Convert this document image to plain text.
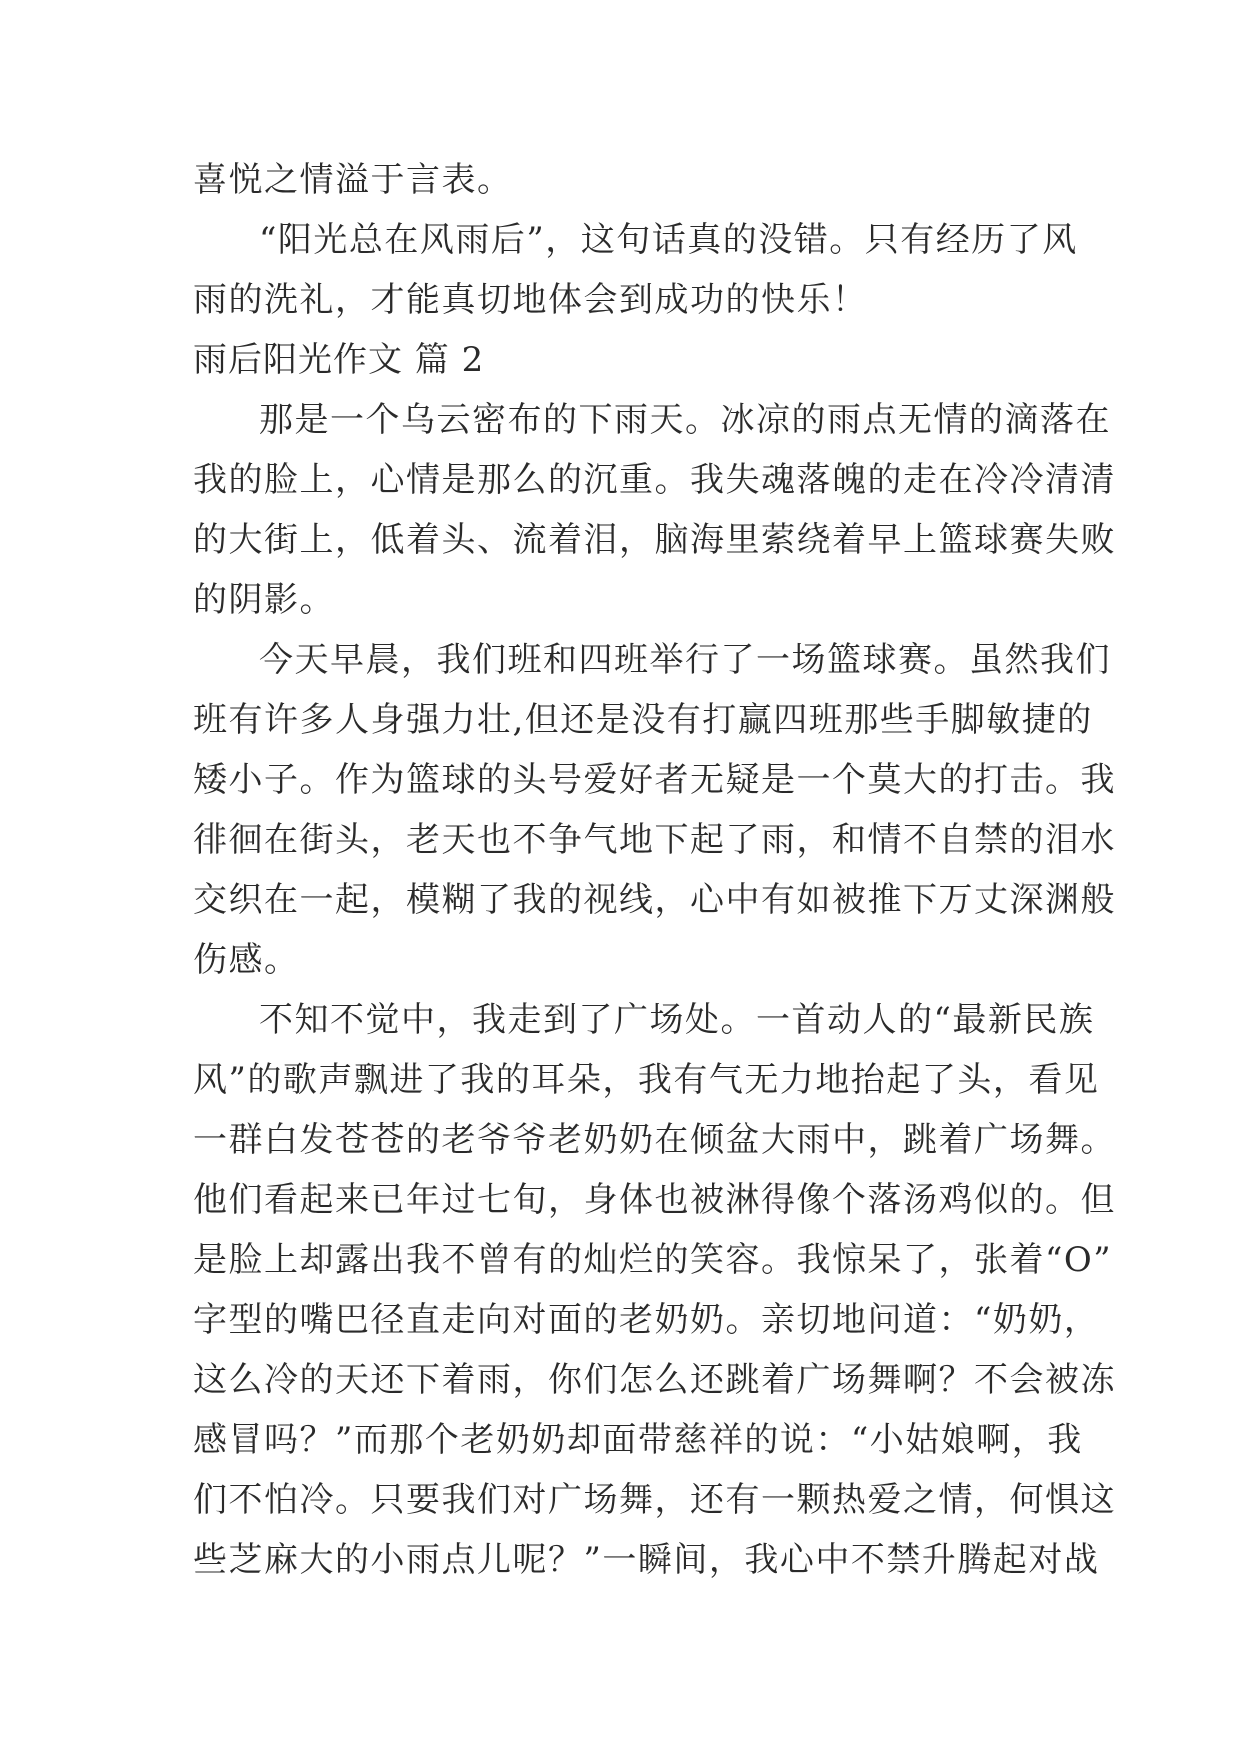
喜悦之情溢于言表。
“阳光总在风雨后”，这句话真的没错。只有经历了风
雨的洗礼，才能真切地体会到成功的快乐！
雨后阳光作文 篇 2
那是一个乌云密布的下雨天。冰凉的雨点无情的滴落在
我的脸上，心情是那么的沉重。我失魂落魄的走在冷冷清清
的大街上，低着头、流着泪，脑海里萦绕着早上篮球赛失败
的阴影。
今天早晨，我们班和四班举行了一场篮球赛。虽然我们
班有许多人身强力壮,但还是没有打赢四班那些手脚敏捷的
矮小子。作为篮球的头号爱好者无疑是一个莫大的打击。我
徘徊在街头，老天也不争气地下起了雨，和情不自禁的泪水
交织在一起，模糊了我的视线，心中有如被推下万丈深渊般
伤感。
不知不觉中，我走到了广场处。一首动人的“最新民族
风”的歌声飘进了我的耳朵，我有气无力地抬起了头，看见
一群白发苍苍的老爷爷老奶奶在倾盆大雨中，跳着广场舞。
他们看起来已年过七旬，身体也被淋得像个落汤鸡似的。但
是脸上却露出我不曾有的灿烂的笑容。我惊呆了，张着“O”
字型的嘴巴径直走向对面的老奶奶。亲切地问道：“奶奶，
这么冷的天还下着雨，你们怎么还跳着广场舞啊？不会被冻
感冒吗？”而那个老奶奶却面带慈祥的说：“小姑娘啊，我
们不怕冷。只要我们对广场舞，还有一颗热爱之情，何惧这
些芝麻大的小雨点儿呢？”一瞬间，我心中不禁升腾起对战
